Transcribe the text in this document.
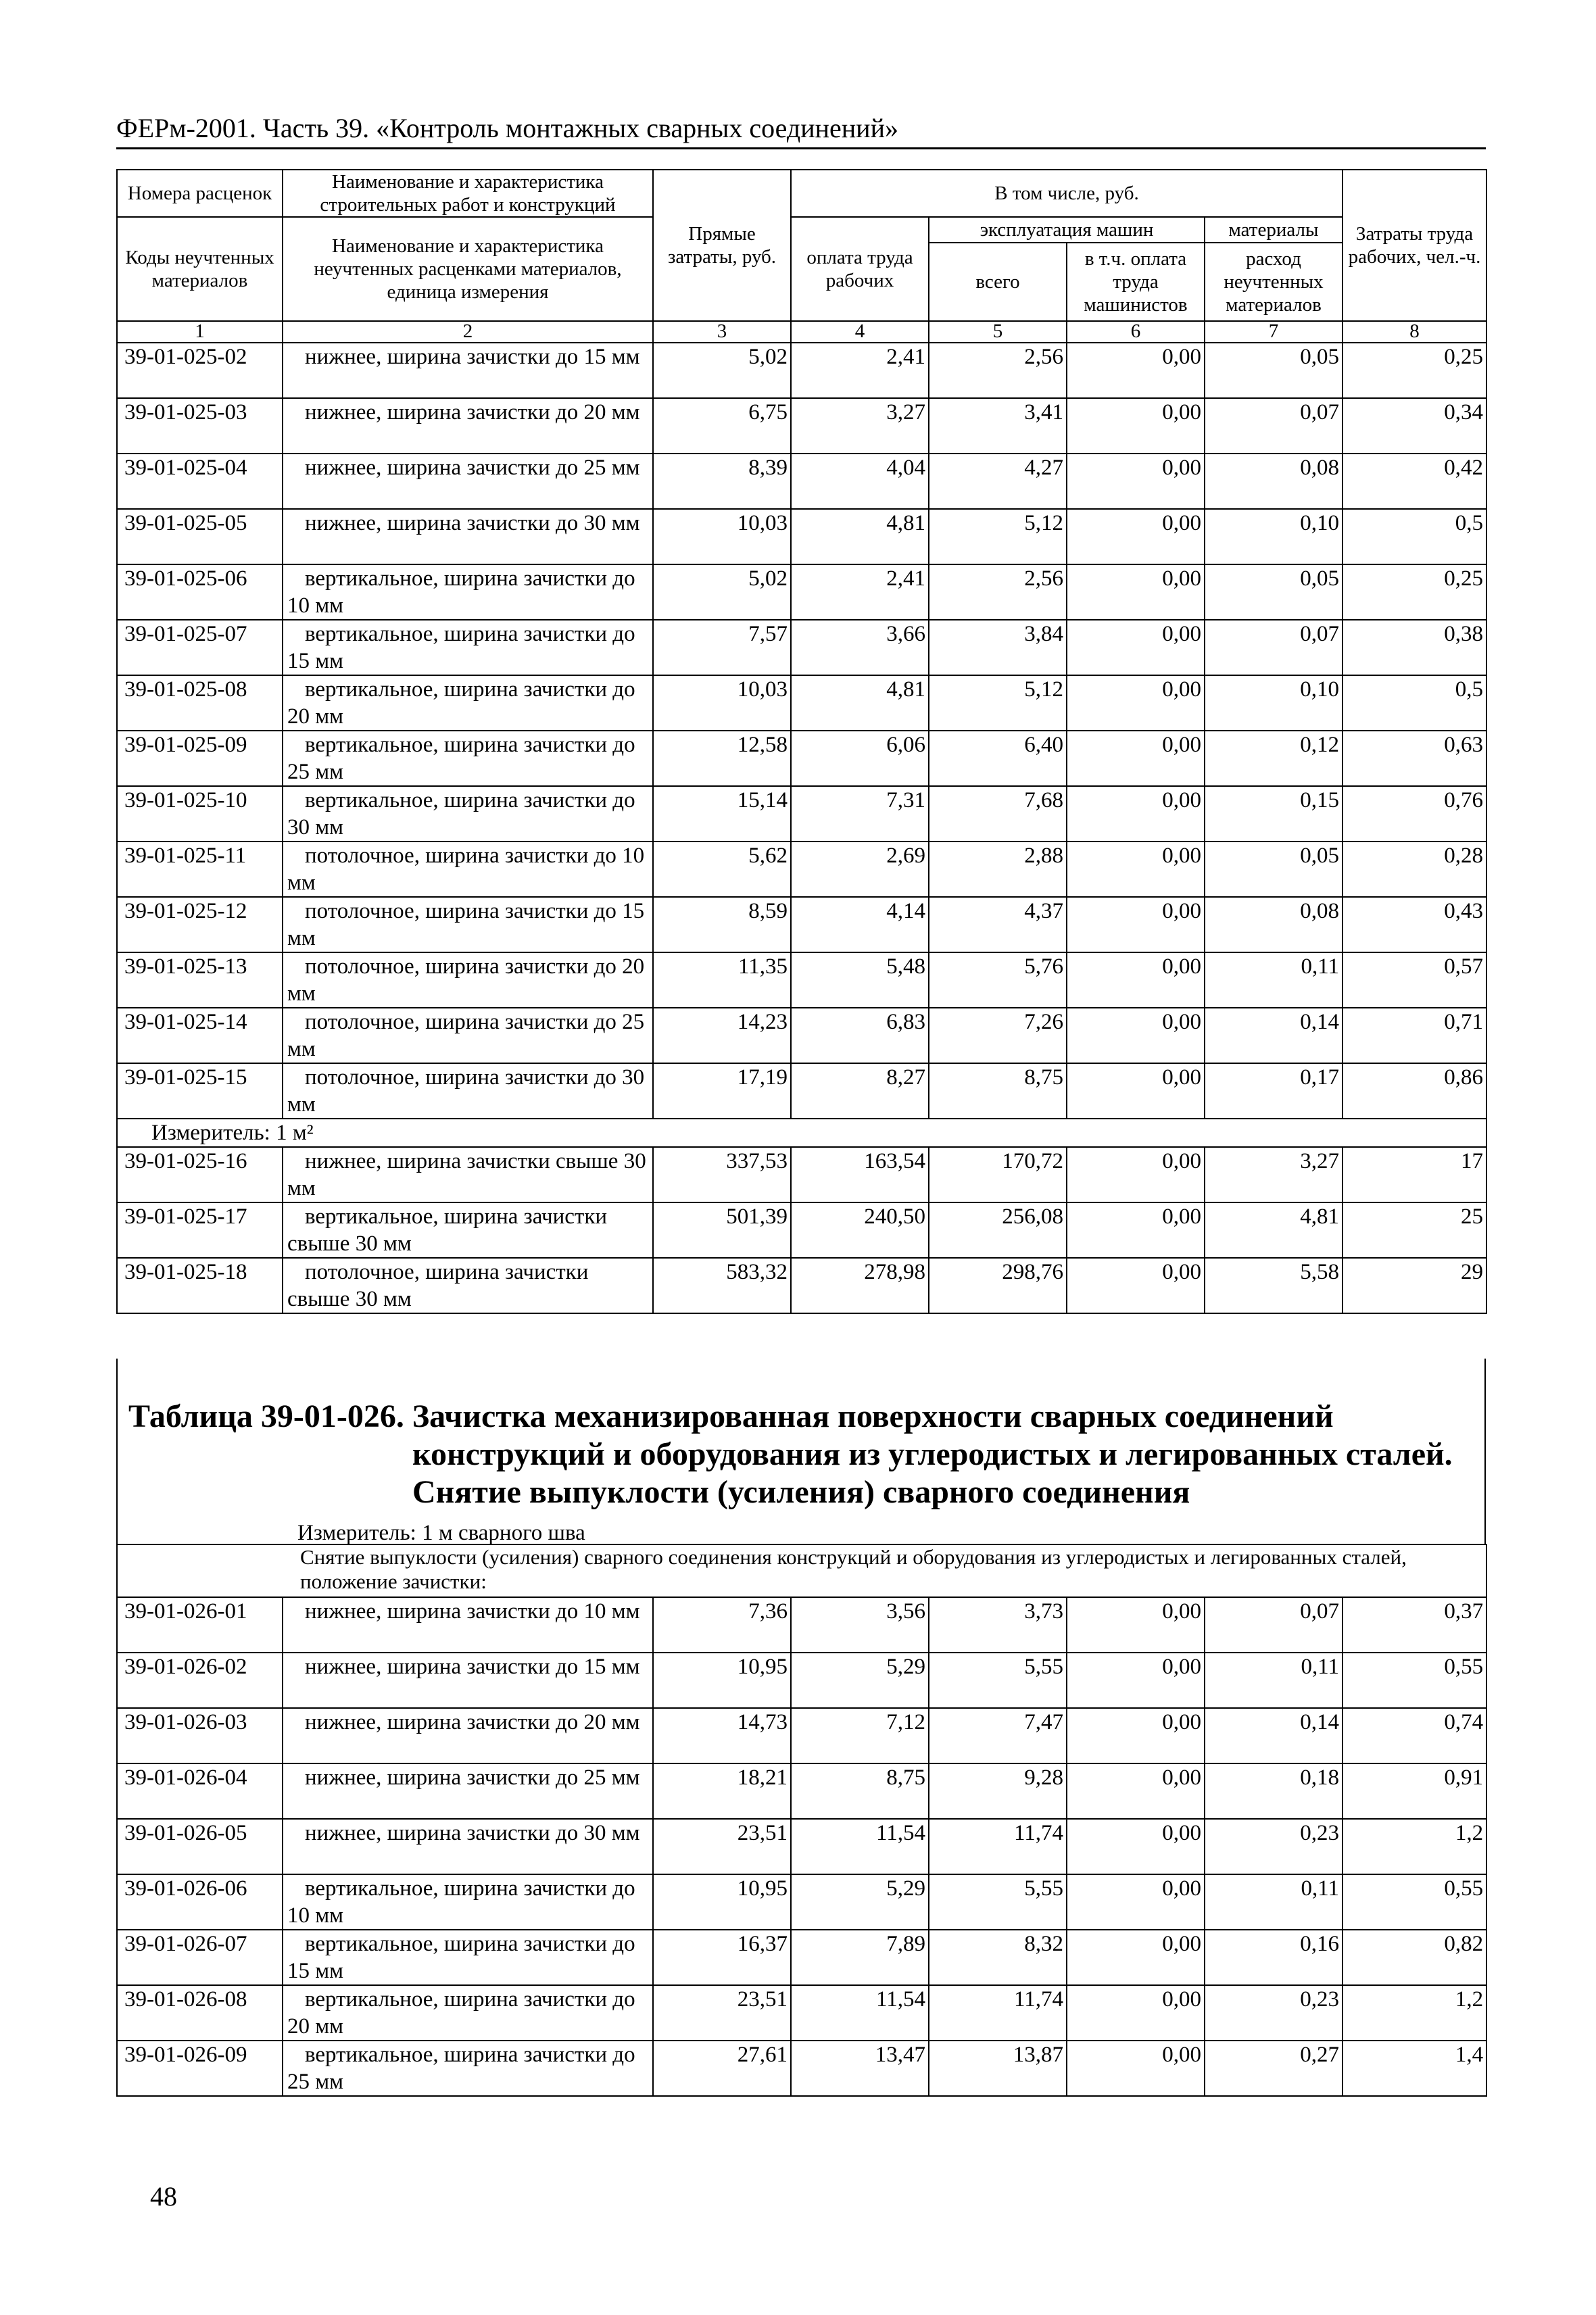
ФЕРм-2001. Часть 39. «Контроль монтажных сварных соединений»
Номера расценок	Наименование и характеристика строительных работ и конструкций	Прямые затраты, руб.	В том числе, руб.				Затраты труда рабочих, чел.-ч.
Коды неучтенных материалов	Наименование и характеристика неучтенных расценками материалов, единица измерения		оплата труда рабочих	эксплуатация машин		материалы	
				всего	в т.ч. оплата труда машинистов	расход неучтенных материалов	
1	2	3	4	5	6	7	8
39-01-025-02	нижнее, ширина зачистки до 15 мм	5,02	2,41	2,56	0,00	0,05	0,25
39-01-025-03	нижнее, ширина зачистки до 20 мм	6,75	3,27	3,41	0,00	0,07	0,34
39-01-025-04	нижнее, ширина зачистки до 25 мм	8,39	4,04	4,27	0,00	0,08	0,42
39-01-025-05	нижнее, ширина зачистки до 30 мм	10,03	4,81	5,12	0,00	0,10	0,5
39-01-025-06	вертикальное, ширина зачистки до 10 мм	5,02	2,41	2,56	0,00	0,05	0,25
39-01-025-07	вертикальное, ширина зачистки до 15 мм	7,57	3,66	3,84	0,00	0,07	0,38
39-01-025-08	вертикальное, ширина зачистки до 20 мм	10,03	4,81	5,12	0,00	0,10	0,5
39-01-025-09	вертикальное, ширина зачистки до 25 мм	12,58	6,06	6,40	0,00	0,12	0,63
39-01-025-10	вертикальное, ширина зачистки до 30 мм	15,14	7,31	7,68	0,00	0,15	0,76
39-01-025-11	потолочное, ширина зачистки до 10 мм	5,62	2,69	2,88	0,00	0,05	0,28
39-01-025-12	потолочное, ширина зачистки до 15 мм	8,59	4,14	4,37	0,00	0,08	0,43
39-01-025-13	потолочное, ширина зачистки до 20 мм	11,35	5,48	5,76	0,00	0,11	0,57
39-01-025-14	потолочное, ширина зачистки до 25 мм	14,23	6,83	7,26	0,00	0,14	0,71
39-01-025-15	потолочное, ширина зачистки до 30 мм	17,19	8,27	8,75	0,00	0,17	0,86
Измеритель: 1 м²							
39-01-025-16	нижнее, ширина зачистки свыше 30 мм	337,53	163,54	170,72	0,00	3,27	17
39-01-025-17	вертикальное, ширина зачистки свыше 30 мм	501,39	240,50	256,08	0,00	4,81	25
39-01-025-18	потолочное, ширина зачистки свыше 30 мм	583,32	278,98	298,76	0,00	5,58	29
Таблица 39-01-026. Зачистка механизированная поверхности сварных соединений
конструкций и оборудования из углеродистых и легированных сталей.
Снятие выпуклости (усиления) сварного соединения
Измеритель: 1 м сварного шва
Снятие выпуклости (усиления) сварного соединения конструкций и оборудования из углеродистых и легированных сталей, положение зачистки:							
39-01-026-01	нижнее, ширина зачистки до 10 мм	7,36	3,56	3,73	0,00	0,07	0,37
39-01-026-02	нижнее, ширина зачистки до 15 мм	10,95	5,29	5,55	0,00	0,11	0,55
39-01-026-03	нижнее, ширина зачистки до 20 мм	14,73	7,12	7,47	0,00	0,14	0,74
39-01-026-04	нижнее, ширина зачистки до 25 мм	18,21	8,75	9,28	0,00	0,18	0,91
39-01-026-05	нижнее, ширина зачистки до 30 мм	23,51	11,54	11,74	0,00	0,23	1,2
39-01-026-06	вертикальное, ширина зачистки до 10 мм	10,95	5,29	5,55	0,00	0,11	0,55
39-01-026-07	вертикальное, ширина зачистки до 15 мм	16,37	7,89	8,32	0,00	0,16	0,82
39-01-026-08	вертикальное, ширина зачистки до 20 мм	23,51	11,54	11,74	0,00	0,23	1,2
39-01-026-09	вертикальное, ширина зачистки до 25 мм	27,61	13,47	13,87	0,00	0,27	1,4
48
